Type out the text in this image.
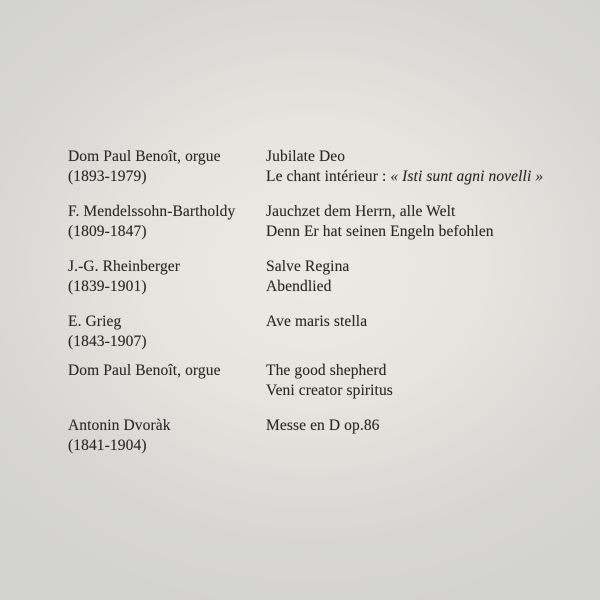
Dom Paul Benoît, orgue
(1893-1979)
Jubilate Deo
Le chant intérieur : « Isti sunt agni novelli »
F. Mendelssohn-Bartholdy
(1809-1847)
Jauchzet dem Herrn, alle Welt
Denn Er hat seinen Engeln befohlen
J.-G. Rheinberger
(1839-1901)
Salve Regina
Abendlied
E. Grieg
(1843-1907)
Ave maris stella
Dom Paul Benoît, orgue	The good shepherd
Veni creator spiritus
Antonin Dvoràk
(1841-1904)
Messe en D op.86
